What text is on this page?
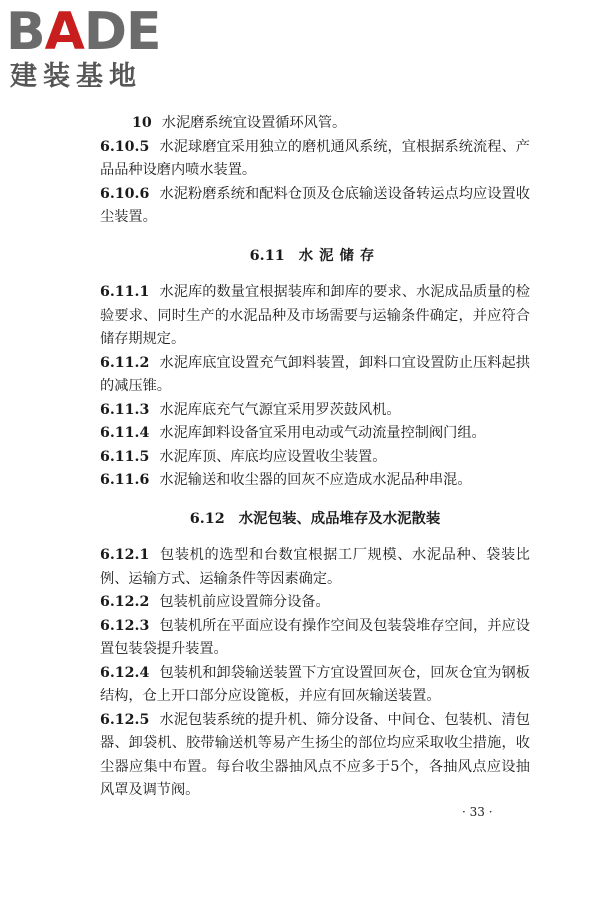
BADE
建装基地

10 水泥磨系统宜设置循环风管。

6.10.5 水泥球磨宜采用独立的磨机通风系统，宜根据系统流程、产品品种设磨内喷水装置。

6.10.6 水泥粉磨系统和配料仓顶及仓底输送设备转运点均应设置收尘装置。

6.11 水泥储存

6.11.1 水泥库的数量宜根据装库和卸库的要求、水泥成品质量的检验要求、同时生产的水泥品种及市场需要与运输条件确定，并应符合储存期规定。

6.11.2 水泥库底宜设置充气卸料装置，卸料口宜设置防止压料起拱的减压锥。

6.11.3 水泥库底充气气源宜采用罗茨鼓风机。

6.11.4 水泥库卸料设备宜采用电动或气动流量控制阀门组。

6.11.5 水泥库顶、库底均应设置收尘装置。

6.11.6 水泥输送和收尘器的回灰不应造成水泥品种串混。

6.12 水泥包装、成品堆存及水泥散装

6.12.1 包装机的选型和台数宜根据工厂规模、水泥品种、袋装比例、运输方式、运输条件等因素确定。

6.12.2 包装机前应设置筛分设备。

6.12.3 包装机所在平面应设有操作空间及包装袋堆存空间，并应设置包装袋提升装置。

6.12.4 包装机和卸袋输送装置下方宜设置回灰仓，回灰仓宜为钢板结构，仓上开口部分应设篦板，并应有回灰输送装置。

6.12.5 水泥包装系统的提升机、筛分设备、中间仓、包装机、清包器、卸袋机、胶带输送机等易产生扬尘的部位均应采取收尘措施，收尘器应集中布置。每台收尘器抽风点不应多于5个，各抽风点应设抽风罩及调节阀。

· 33 ·
